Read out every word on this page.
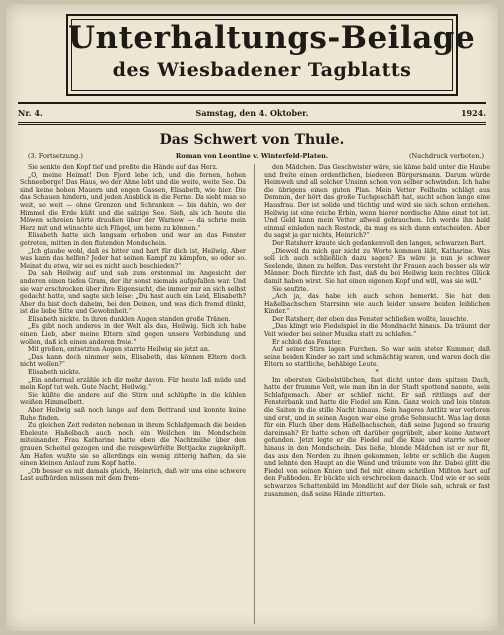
Unterhaltungs-Beilage
des Wiesbadener Tagblatts
Nr. 4.	Samstag, den 4. Oktober.	1924.
Das Schwert von Thule.
(3. Fortsetzung.)	Roman von Leontine v. Winterfeld-Platen.	(Nachdruck verboten.)

Sie senkte den Kopf tief und preßte die Hände auf das Herz.

„O, meine Heimat! Den Fjord lebe ich, und die fernen, hohen Schneeberge! Das Haus, wo der Ahne lebt und die weite, weite See. Da sind keine hohen Mauern und engen Gassen, Elisabeth, wie hier. Die das Schauen hindern, und jeden Ausblick in die Ferne. Da sieht man so weit, so weit — ohne Grenzen und Schranken — bis dahin, wo der Himmel die Erde küßt und die salzige See. Sieh, als ich heute die Möwen schreien hörte draußen über der Warnow — da schrie mein Herz mit und wünschte sich Flügel, um heim zu können.“

Elisabeth hatte sich langsam erhoben und war an das Fenster getreten, mitten in den flutenden Mondschein.

„Ich glaube wohl, daß es bitter und hart für dich ist, Heilwig. Aber was kann das helfen? Jeder hat seinen Kampf zu kämpfen, so oder so. Meinst du etwa, wir sei es nicht auch beschieden?“

Da sah Heilwig auf und sah zum erstenmal im Angesicht der anderen einen tiefen Gram, der ihr sonst niemals aufgefallen war. Und sie war erschrocken über ihre Eigensucht, die immer nur an sich selbst gedacht hatte, und sagte sich leise: „Du hast auch ein Leid, Elisabeth? Aber du bist doch daheim, bei den Deinen, und was dich fremd dünkt, ist die liebe Sitte und Gewohnheit.“

Elisabeth nickte. In ihren dunklen Augen standen große Tränen.

„Es gibt noch anderes in der Welt als das, Heilwig. Sich ich habe einen Lieb, aber meine Eltern sind gegen unsere Verbindung und wollen, daß ich einen anderen freie.“

Mit großen, entsetzten Augen starrte Heilwig sie jetzt an.

„Das kann doch nimmer sein, Elisabeth, das können Eltern doch nicht wollen?“

Elisabeth nickte.

„Ein andermal erzähle ich dir mehr davon. Für heute laß müde und mein Kopf tut weh. Gute Nacht, Heilwig.“

Sie küßte die andere auf die Stirn und schlüpfte in die kühlen weißen Himmelbett.

Aber Heilwig saß noch lange auf dem Bettrand und konnte keine Ruhe finden.

Zu gleichen Zeit redeten nebenan in ihrem Schlafgemach die beiden Eheleute Haßelbach auch noch ein Weilchen im Mondschein miteinander. Frau Katharine hatte eben die Nachtmühe über den grauen Scheitel gezogen und die reisgewürfelte Bettjacke zugeknöpft. Am Hafen wußte sie so allerdings ein wenig zitterig haften, da sie einen kleinen Anlauf zum Kopf hatte.

„Ob besser es mit damals gleich, Heinrich, daß wir uns eine schwere Last aufbürden müssen mit dem frem-

den Mädchen. Das Geschwister wäre, sie käme bald unter die Haube und freite einen ordentlichen, biederen Bürgersmann. Darum würde Heimweh und all solcher Unsinn schon von selber schwinden. Ich habe die übrigens einen guten Plan. Mein Vetter Feilholm schlägt aus Demmin, der hört das große Tuchgeschäft hat, sucht schon lange eine Hausfrau. Der ist solide und tüchtig und wird sie sich schon erziehen. Heilwig ist eine reiche Erbin, wenn hierer nordische Ahne einst tot ist. Und Geld kann mein Vetter allweil gebrauchen. Ich werde ihn bald einmal einladen nach Rostock, da mag es sich dann entscheiden. Aber du sagst ja gar nichts, Heinrich?“

Der Ratsherr kraute sich gedankenvoll den langen, schwarzen Bart.

„Dieweil du mich gar nicht zu Worte kommen läßt, Katharine. Was soll ich auch schließlich dazu sagen? Es wäre ja nun je schwer Seelende, ihnen zu helfen. Das versteht ihr Frauen auch besser als wir Männer. Doch fürchte ich fast, daß du bei Heilwig kein rechtes Glück damit haben wirst. Sie hat einen eigenen Kopf und will, was sie will.“

Sie seufzte.

„Ach ja, das habe ich auch schon bemerkt. Sie hat den Haßelbachschen Starrsinn wie auch leider unsere beiden leiblichen Kinder.“

Der Ratsherr, der eben das Fenster schließen wollte, lauschte.

„Das klingt wie Fiedelspiel in die Mondnacht hinaus. Da träumt der Veit wieder bei seiner Musika statt zu schlafen.“

Er schloß das Fenster.

Auf seiner Stirn lagen Furchen. So war sein steter Kummer, daß seine beiden Kinder so zart und schmächtig waren, und waren doch die Eltern so stattliche, behäbige Leute.

*

Im obersten Giebelstübchen, fast dicht unter dem spitzen Dach, hatte der frumme Veit, wie man ihn in der Stadt spottend nannte, sein Schlafgemach. Aber er schlief nicht. Er saß rittlings auf der Fensterbank und hatte die Fiedel am Kinn. Ganz weich und leis tönten die Saiten in die stille Nacht hinaus. Sein hageres Antlitz war verloren und erst, und in seinen Augen war eine große Sehnsucht. Was lag denn für ein Fluch über dem Haßelbachschen, daß seine Jugend so traurig dareinsah? Er hatte schon oft darüber gegrübelt, aber keine Antwort gefunden. Jetzt legte er die Fiedel auf die Knie und starrte scheer hinaus in den Mondschein. Das ließe, blonde Mädchen ist er nur fit, das aus den Norden zu ihnen gekommen, lebte er schlich die Augen und lehnte den Haupt an die Wand und träumte von ihr. Dabei glitt die Fiedel von seinen Knien und fiel mit einem schrillen Mißton hart auf den Fußboden. Er bückte sich erschrocken danach. Und wie er so sein schwarzes Schattenbild im Mondlicht auf der Diele sah, schrak er fast zusammen, daß seine Hände zitterten.
